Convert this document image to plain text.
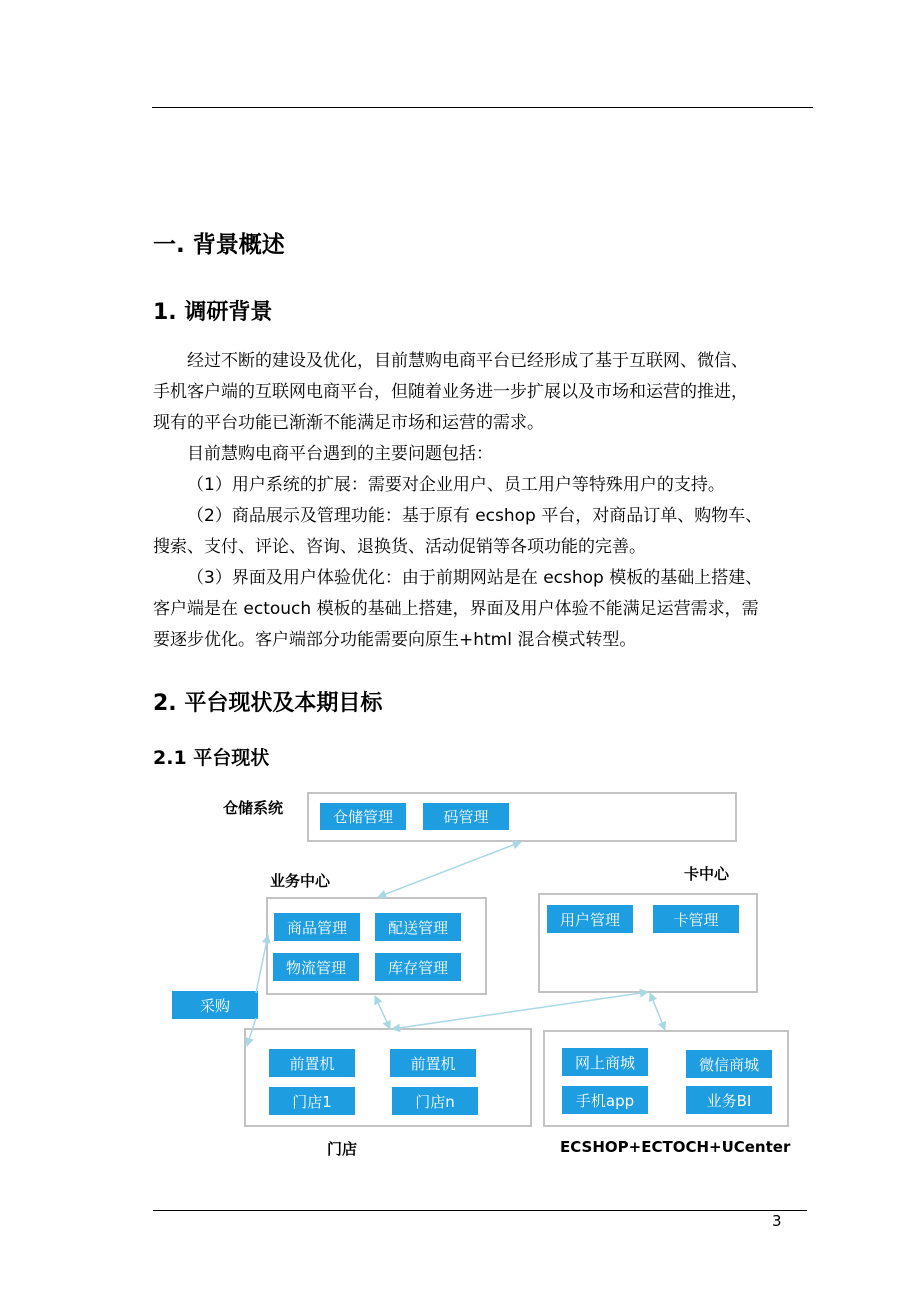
一. 背景概述
1. 调研背景

经过不断的建设及优化，目前慧购电商平台已经形成了基于互联网、微信、

手机客户端的互联网电商平台，但随着业务进一步扩展以及市场和运营的推进，

现有的平台功能已渐渐不能满足市场和运营的需求。

目前慧购电商平台遇到的主要问题包括：

（1）用户系统的扩展：需要对企业用户、员工用户等特殊用户的支持。

（2）商品展示及管理功能：基于原有 ecshop 平台，对商品订单、购物车、

搜索、支付、评论、咨询、退换货、活动促销等各项功能的完善。

（3）界面及用户体验优化：由于前期网站是在 ecshop 模板的基础上搭建、

客户端是在 ectouch 模板的基础上搭建，界面及用户体验不能满足运营需求，需

要逐步优化。客户端部分功能需要向原生+html 混合模式转型。

2. 平台现状及本期目标
2.1 平台现状
仓储系统	仓储管理	码管理
业务中心
商品管理	配送管理
物流管理	库存管理
卡中心
用户管理	卡管理
采购
前置机	前置机
门店1	门店n
门店
网上商城	微信商城
手机app	业务BI
ECSHOP+ECTOCH+UCenter
3
